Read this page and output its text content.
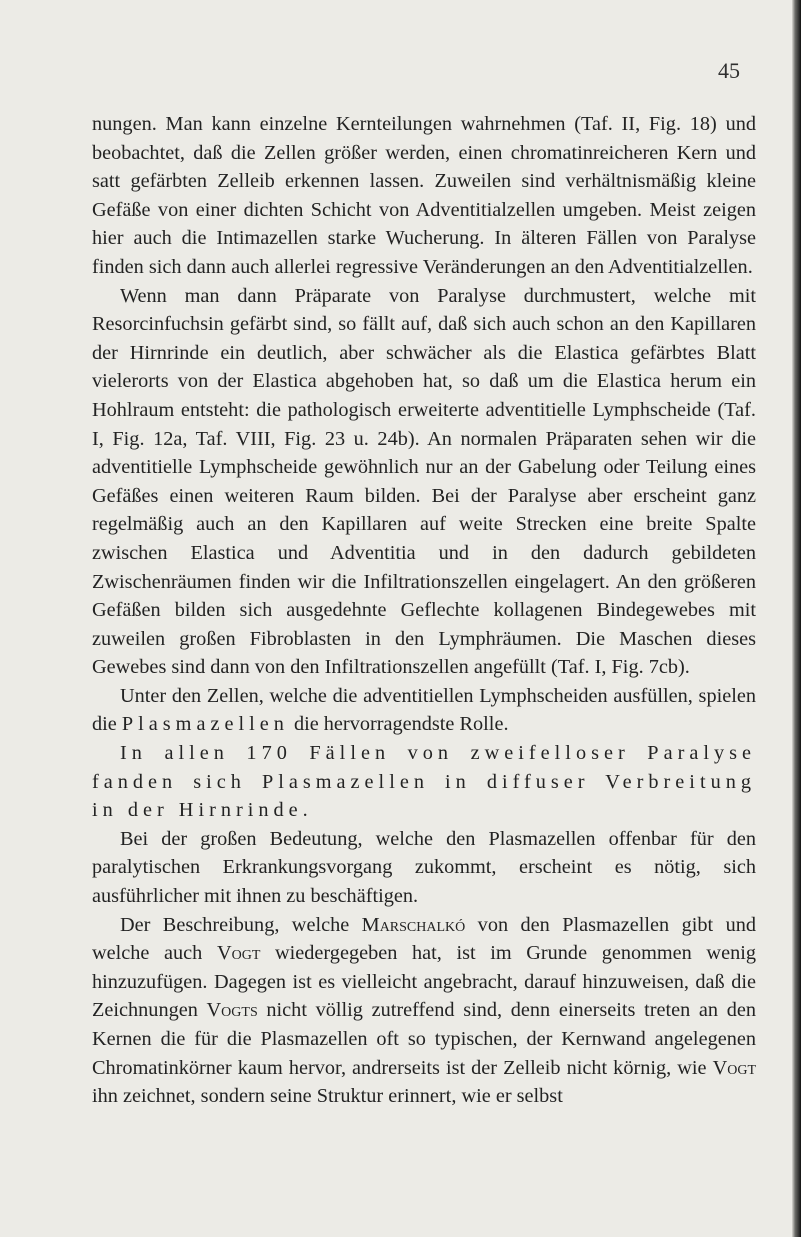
45

nungen. Man kann einzelne Kernteilungen wahrnehmen (Taf. II, Fig. 18) und beobachtet, daß die Zellen größer werden, einen chromatinreicheren Kern und satt gefärbten Zelleib erkennen lassen. Zuweilen sind verhältnismäßig kleine Gefäße von einer dichten Schicht von Adventitialzellen umgeben. Meist zeigen hier auch die Intimazellen starke Wucherung. In älteren Fällen von Paralyse finden sich dann auch allerlei regressive Veränderungen an den Adventitialzellen.

Wenn man dann Präparate von Paralyse durchmustert, welche mit Resorcinfuchsin gefärbt sind, so fällt auf, daß sich auch schon an den Kapillaren der Hirnrinde ein deutlich, aber schwächer als die Elastica gefärbtes Blatt vielerorts von der Elastica abgehoben hat, so daß um die Elastica herum ein Hohlraum entsteht: die pathologisch erweiterte adventitielle Lymphscheide (Taf. I, Fig. 12a, Taf. VIII, Fig. 23 u. 24b). An normalen Präparaten sehen wir die adventitielle Lymphscheide gewöhnlich nur an der Gabelung oder Teilung eines Gefäßes einen weiteren Raum bilden. Bei der Paralyse aber erscheint ganz regelmäßig auch an den Kapillaren auf weite Strecken eine breite Spalte zwischen Elastica und Adventitia und in den dadurch gebildeten Zwischenräumen finden wir die Infiltrationszellen eingelagert. An den größeren Gefäßen bilden sich ausgedehnte Geflechte kollagenen Bindegewebes mit zuweilen großen Fibroblasten in den Lymphräumen. Die Maschen dieses Gewebes sind dann von den Infiltrationszellen angefüllt (Taf. I, Fig. 7cb).

Unter den Zellen, welche die adventitiellen Lymphscheiden ausfüllen, spielen die Plasmazellen die hervorragendste Rolle.

In allen 170 Fällen von zweifelloser Paralyse fanden sich Plasmazellen in diffuser Verbreitung in der Hirnrinde.

Bei der großen Bedeutung, welche den Plasmazellen offenbar für den paralytischen Erkrankungsvorgang zukommt, erscheint es nötig, sich ausführlicher mit ihnen zu beschäftigen.

Der Beschreibung, welche Marschalkó von den Plasmazellen gibt und welche auch Vogt wiedergegeben hat, ist im Grunde genommen wenig hinzuzufügen. Dagegen ist es vielleicht angebracht, darauf hinzuweisen, daß die Zeichnungen Vogts nicht völlig zutreffend sind, denn einerseits treten an den Kernen die für die Plasmazellen oft so typischen, der Kernwand angelegenen Chromatinkörner kaum hervor, andrerseits ist der Zelleib nicht körnig, wie Vogt ihn zeichnet, sondern seine Struktur erinnert, wie er selbst
